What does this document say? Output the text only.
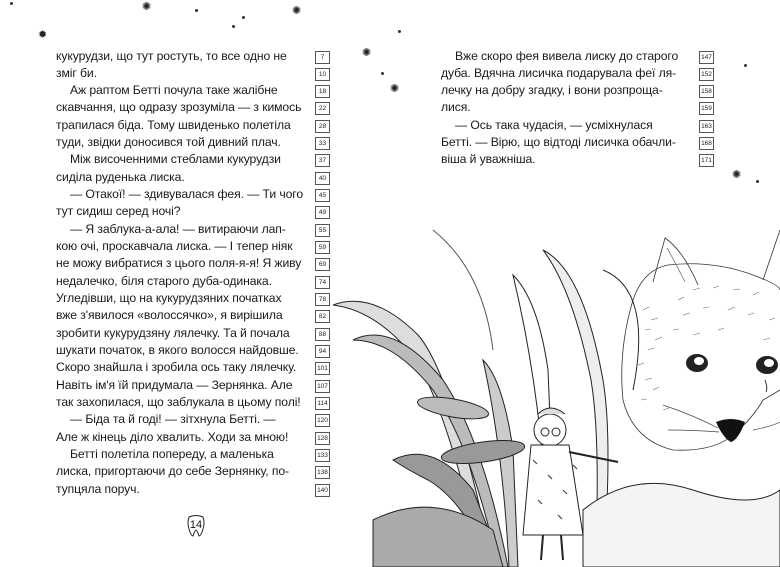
кукурудзи, що тут ростуть, то все одно не	7
зміг би.	10
Аж раптом Бетті почула таке жалібне	18
скавчання, що одразу зрозуміла — з кимось	22
трапилася біда. Тому швиденько полетіла	28
туди, звідки доносився той дивний плач.	33
Між височенними стеблами кукурудзи	37
сиділа руденька лиска.	40
— Отакої! — здивувалася фея. — Ти чого	45
тут сидиш серед ночі?	49
— Я заблука-а-ала! — витираючи лап-	55
кою очі, проскавчала лиска. — І тепер ніяк	59
не можу вибратися з цього поля-я-я! Я живу	69
недалечко, біля старого дуба-одинака.	74
Угледівши, що на кукурудзяних початках	78
вже з'явилося «волоссячко», я вирішила	82
зробити кукурудзяну лялечку. Та й почала	88
шукати початок, в якого волосся найдовше.	94
Скоро знайшла і зробила ось таку лялечку.	101
Навіть ім'я їй придумала — Зернянка. Але	107
так захопилася, що заблукала в цьому полі!	114
— Біда та й годі! — зітхнула Бетті. —	120
Але ж кінець діло хвалить. Ходи за мною!	128
Бетті полетіла попереду, а маленька	133
лиска, пригортаючи до себе Зернянку, по-	138
тупцяла поруч.	140
✺	✺
✹
✺
14
Вже скоро фея вивела лиску до старого	147
дуба. Вдячна лисичка подарувала феї ля-	152
лечку на добру згадку, і вони розпроща-	158
лися.	159
— Ось така чудасія, — усміхнулася	163
Бетті. — Вірю, що відтоді лисичка обачли-	168
віша й уважніша.	171
✺
✺
